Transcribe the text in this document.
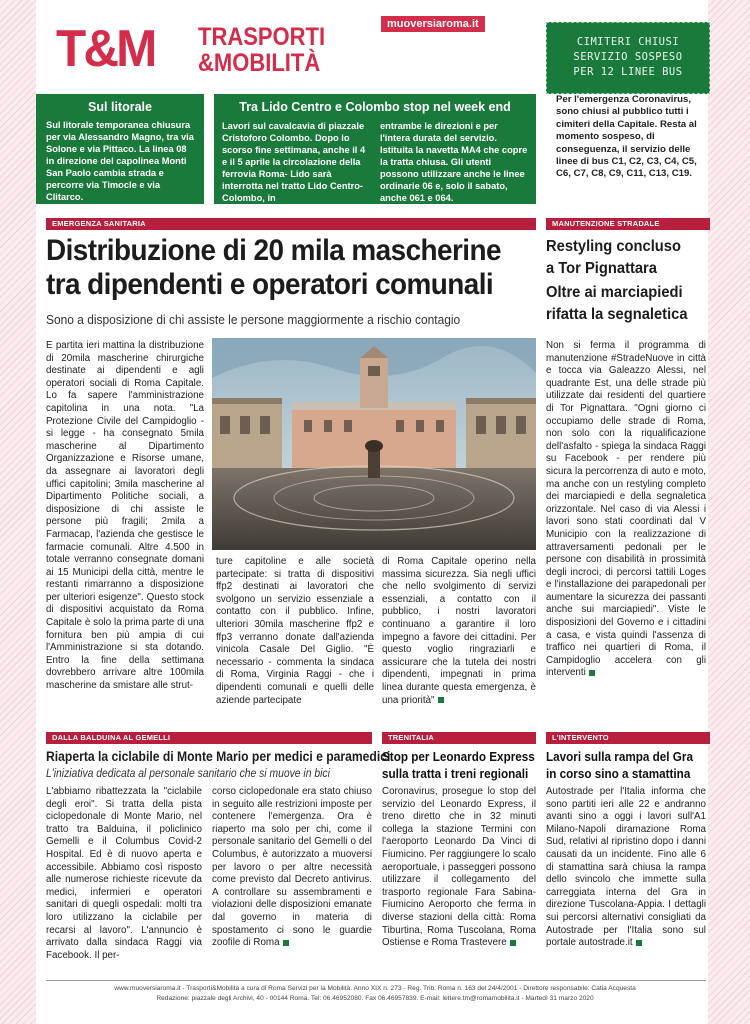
T&M TRASPORTI
&MOBILITÀ
muoversiaroma.it
CIMITERI CHIUSI
SERVIZIO SOSPESO
PER 12 LINEE BUS
Per l'emergenza Coronavirus, sono chiusi al pubblico tutti i cimiteri della Capitale. Resta al momento sospeso, di conseguenza, il servizio delle linee di bus C1, C2, C3, C4, C5, C6, C7, C8, C9, C11, C13, C19.
Sul litorale
Sul litorale temporanea chiusura per via Alessandro Magno, tra via Solone e via Pittaco. La linea 08 in direzione del capolinea Monti San Paolo cambia strada e percorre via Timocle e via Clitarco.
Tra Lido Centro e Colombo stop nel week end
Lavori sul cavalcavia di piazzale Cristoforo Colombo. Dopo lo scorso fine settimana, anche il 4 e il 5 aprile la circolazione della ferrovia Roma- Lido sarà interrotta nel tratto Lido Centro-Colombo, in
entrambe le direzioni e per l'intera durata del servizio. Istituita la navetta MA4 che copre la tratta chiusa. Gli utenti possono utilizzare anche le linee ordinarie 06 e, solo il sabato, anche 061 e 064.
EMERGENZA SANITARIA
Distribuzione di 20 mila mascherine
tra dipendenti e operatori comunali
Sono a disposizione di chi assiste le persone maggiormente a rischio contagio
È partita ieri mattina la distribuzione di 20mila mascherine chirurgiche destinate ai dipendenti e agli operatori sociali di Roma Capitale. Lo fa sapere l'amministrazione capitolina in una nota. "La Protezione Civile del Campidoglio - si legge - ha consegnato 5mila mascherine al Dipartimento Organizzazione e Risorse umane, da assegnare ai lavoratori degli uffici capitolini; 3mila mascherine al Dipartimento Politiche sociali, a disposizione di chi assiste le persone più fragili; 2mila a Farmacap, l'azienda che gestisce le farmacie comunali. Altre 4.500 in totale verranno consegnate domani ai 15 Municipi della città, mentre le restanti rimarranno a disposizione per ulteriori esigenze". Questo stock di dispositivi acquistato da Roma Capitale è solo la prima parte di una fornitura ben più ampia di cui l'Amministrazione si sta dotando. Entro la fine della settimana dovrebbero arrivare altre 100mila mascherine da smistare alle strut-
ture capitoline e alle società partecipate: si tratta di dispositivi ffp2 destinati ai lavoratori che svolgono un servizio essenziale a contatto con il pubblico. Infine, ulteriori 30mila mascherine ffp2 e ffp3 verranno donate dall'azienda vinicola Casale Del Giglio. "È necessario - commenta la sindaca di Roma, Virginia Raggi - che i dipendenti comunali e quelli delle aziende partecipate
di Roma Capitale operino nella massima sicurezza. Sia negli uffici che nello svolgimento di servizi essenziali, a contatto con il pubblico, i nostri lavoratori continuano a garantire il loro impegno a favore dei cittadini. Per questo voglio ringraziarli e assicurare che la tutela dei nostri dipendenti, impegnati in prima linea durante questa emergenza, è una priorità"
MANUTENZIONE STRADALE
Restyling concluso
a Tor Pignattara
Oltre ai marciapiedi
rifatta la segnaletica
Non si ferma il programma di manutenzione #StradeNuove in città e tocca via Galeazzo Alessi, nel quadrante Est, una delle strade più utilizzate dai residenti del quartiere di Tor Pignattara. "Ogni giorno ci occupiamo delle strade di Roma, non solo con la riqualificazione dell'asfalto - spiega la sindaca Raggi su Facebook - per rendere più sicura la percorrenza di auto e moto, ma anche con un restyling completo dei marciapiedi e della segnaletica orizzontale. Nel caso di via Alessi i lavori sono stati coordinati dal V Municipio con la realizzazione di attraversamenti pedonali per le persone con disabilità in prossimità degli incroci, di percorsi tattili Loges e l'installazione dei parapedonali per aumentare la sicurezza dei passanti anche sui marciapiedi". Viste le disposizioni del Governo e i cittadini a casa, e vista quindi l'assenza di traffico nei quartieri di Roma, il Campidoglio accelera con gli interventi
DALLA BALDUINA AL GEMELLI
Riaperta la ciclabile di Monte Mario per medici e paramedici
L'iniziativa dedicata al personale sanitario che si muove in bici
L'abbiamo ribattezzata la "ciclabile degli eroi". Si tratta della pista ciclopedonale di Monte Mario, nel tratto tra Balduina, il policlinico Gemelli e il Columbus Covid-2 Hospital. Ed è di nuovo aperta e accessibile. Abbiamo così risposto alle numerose richieste ricevute da medici, infermieri e operatori sanitari di quegli ospedali: molti tra loro utilizzano la ciclabile per recarsi al lavoro". L'annuncio è arrivato dalla sindaca Raggi via Facebook. Il per-
corso ciclopedonale era stato chiuso in seguito alle restrizioni imposte per contenere l'emergenza. Ora è riaperto ma solo per chi, come il personale sanitario del Gemelli o del Columbus, è autorizzato a muoversi per lavoro o per altre necessità come previsto dal Decreto antivirus. A controllare su assembramenti e violazioni delle disposizioni emanate dal governo in materia di spostamento ci sono le guardie zoofile di Roma
TRENITALIA
Stop per Leonardo Express
sulla tratta i treni regionali
Coronavirus, prosegue lo stop del servizio del Leonardo Express, il treno diretto che in 32 minuti collega la stazione Termini con l'aeroporto Leonardo Da Vinci di Fiumicino. Per raggiungere lo scalo aeroportuale, i passeggeri possono utilizzare il collegamento del trasporto regionale Fara Sabina-Fiumicino Aeroporto che ferma in diverse stazioni della città: Roma Tiburtina, Roma Tuscolana, Roma Ostiense e Roma Trastevere
L'INTERVENTO
Lavori sulla rampa del Gra
in corso sino a stamattina
Autostrade per l'Italia informa che sono partiti ieri alle 22 e andranno avanti sino a oggi i lavori sull'A1 Milano-Napoli diramazione Roma Sud, relativi al ripristino dopo i danni causati da un incidente. Fino alle 6 di stamattina sarà chiusa la rampa dello svincolo che immette sulla carreggiata interna del Gra in direzione Tuscolana-Appia. I dettagli sui percorsi alternativi consigliati da Autostrade per l'Italia sono sul portale autostrade.it
www.muoversiaroma.it - Trasporti&Mobilità a cura di Roma Servizi per la Mobilità. Anno XIX n. 273 - Reg. Trib. Roma n. 163 del 24/4/2001 - Direttore responsabile: Catia Acquesta
Redazione: piazzale degli Archivi, 40 - 00144 Roma. Tel: 06.46952080. Fax 06.46957839. E-mail: lettere.tm@romamobilita.it - Martedì 31 marzo 2020
